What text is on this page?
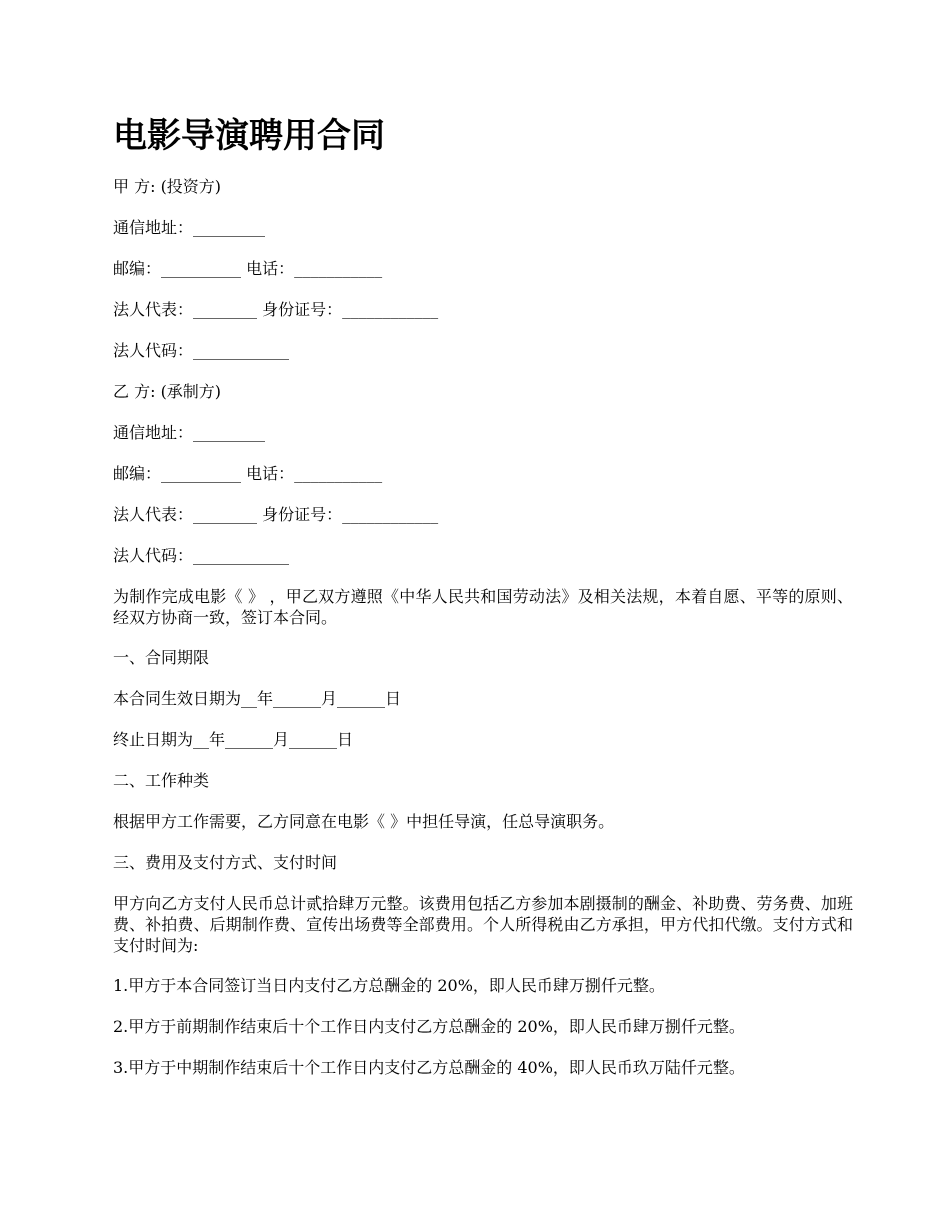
电影导演聘用合同

甲 方: (投资方)

通信地址：_________

邮编：__________ 电话：___________

法人代表：________ 身份证号：____________

法人代码：____________

乙 方: (承制方)

通信地址：_________

邮编：__________ 电话：___________

法人代表：________ 身份证号：____________

法人代码：____________

为制作完成电影《 》 ，甲乙双方遵照《中华人民共和国劳动法》及相关法规，本着自愿、平等的原则、经双方协商一致，签订本合同。

一、合同期限

本合同生效日期为__年______月______日

终止日期为__年______月______日

二、工作种类

根据甲方工作需要，乙方同意在电影《 》中担任导演，任总导演职务。

三、费用及支付方式、支付时间

甲方向乙方支付人民币总计贰拾肆万元整。该费用包括乙方参加本剧摄制的酬金、补助费、劳务费、加班费、补拍费、后期制作费、宣传出场费等全部费用。个人所得税由乙方承担，甲方代扣代缴。支付方式和支付时间为:

1.甲方于本合同签订当日内支付乙方总酬金的 20%，即人民币肆万捌仟元整。

2.甲方于前期制作结束后十个工作日内支付乙方总酬金的 20%，即人民币肆万捌仟元整。

3.甲方于中期制作结束后十个工作日内支付乙方总酬金的 40%，即人民币玖万陆仟元整。
